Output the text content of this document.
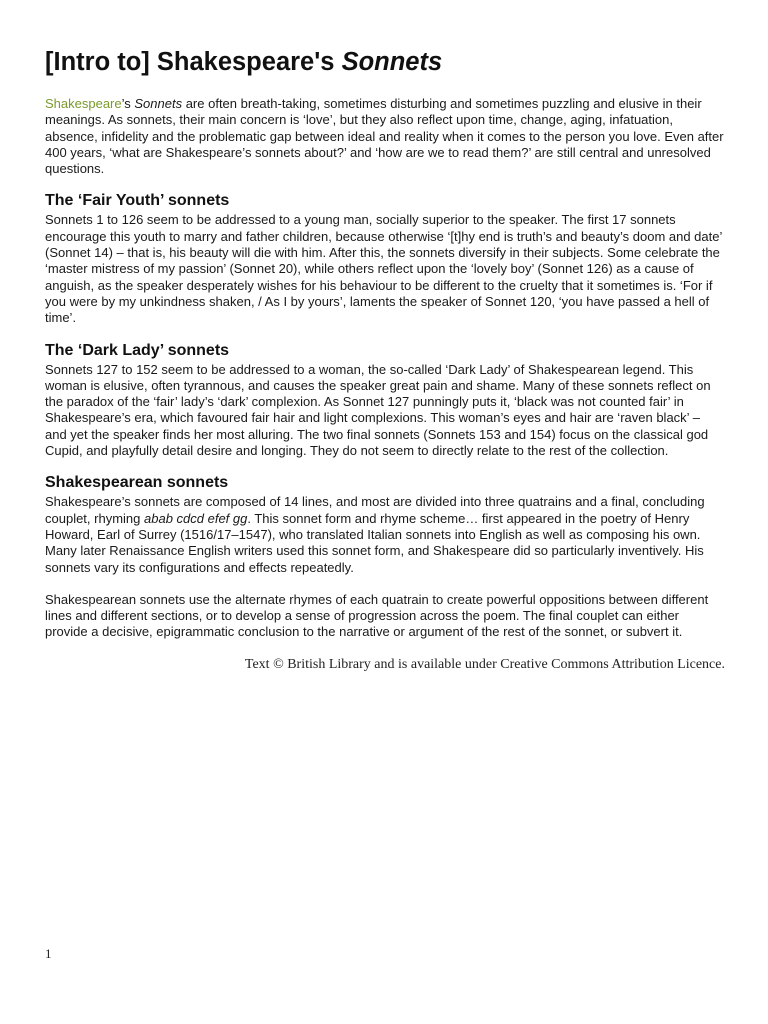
[Intro to] Shakespeare's Sonnets

Shakespeare’s Sonnets are often breath-taking, sometimes disturbing and sometimes puzzling and elusive in their meanings. As sonnets, their main concern is ‘love’, but they also reflect upon time, change, aging, infatuation, absence, infidelity and the problematic gap between ideal and reality when it comes to the person you love. Even after 400 years, ‘what are Shakespeare’s sonnets about?’ and ‘how are we to read them?’ are still central and unresolved questions.

The ‘Fair Youth’ sonnets

Sonnets 1 to 126 seem to be addressed to a young man, socially superior to the speaker. The first 17 sonnets encourage this youth to marry and father children, because otherwise ‘[t]hy end is truth’s and beauty’s doom and date’ (Sonnet 14) – that is, his beauty will die with him. After this, the sonnets diversify in their subjects. Some celebrate the ‘master mistress of my passion’ (Sonnet 20), while others reflect upon the ‘lovely boy’ (Sonnet 126) as a cause of anguish, as the speaker desperately wishes for his behaviour to be different to the cruelty that it sometimes is. ‘For if you were by my unkindness shaken, / As I by yours’, laments the speaker of Sonnet 120, ‘you have passed a hell of time’.

The ‘Dark Lady’ sonnets

Sonnets 127 to 152 seem to be addressed to a woman, the so-called ‘Dark Lady’ of Shakespearean legend. This woman is elusive, often tyrannous, and causes the speaker great pain and shame. Many of these sonnets reflect on the paradox of the ‘fair’ lady’s ‘dark’ complexion. As Sonnet 127 punningly puts it, ‘black was not counted fair’ in Shakespeare’s era, which favoured fair hair and light complexions. This woman’s eyes and hair are ‘raven black’ – and yet the speaker finds her most alluring. The two final sonnets (Sonnets 153 and 154) focus on the classical god Cupid, and playfully detail desire and longing. They do not seem to directly relate to the rest of the collection.

Shakespearean sonnets

Shakespeare’s sonnets are composed of 14 lines, and most are divided into three quatrains and a final, concluding couplet, rhyming abab cdcd efef gg. This sonnet form and rhyme scheme… first appeared in the poetry of Henry Howard, Earl of Surrey (1516/17–1547), who translated Italian sonnets into English as well as composing his own. Many later Renaissance English writers used this sonnet form, and Shakespeare did so particularly inventively. His sonnets vary its configurations and effects repeatedly.

Shakespearean sonnets use the alternate rhymes of each quatrain to create powerful oppositions between different lines and different sections, or to develop a sense of progression across the poem. The final couplet can either provide a decisive, epigrammatic conclusion to the narrative or argument of the rest of the sonnet, or subvert it.

Text © British Library and is available under Creative Commons Attribution Licence.
1
